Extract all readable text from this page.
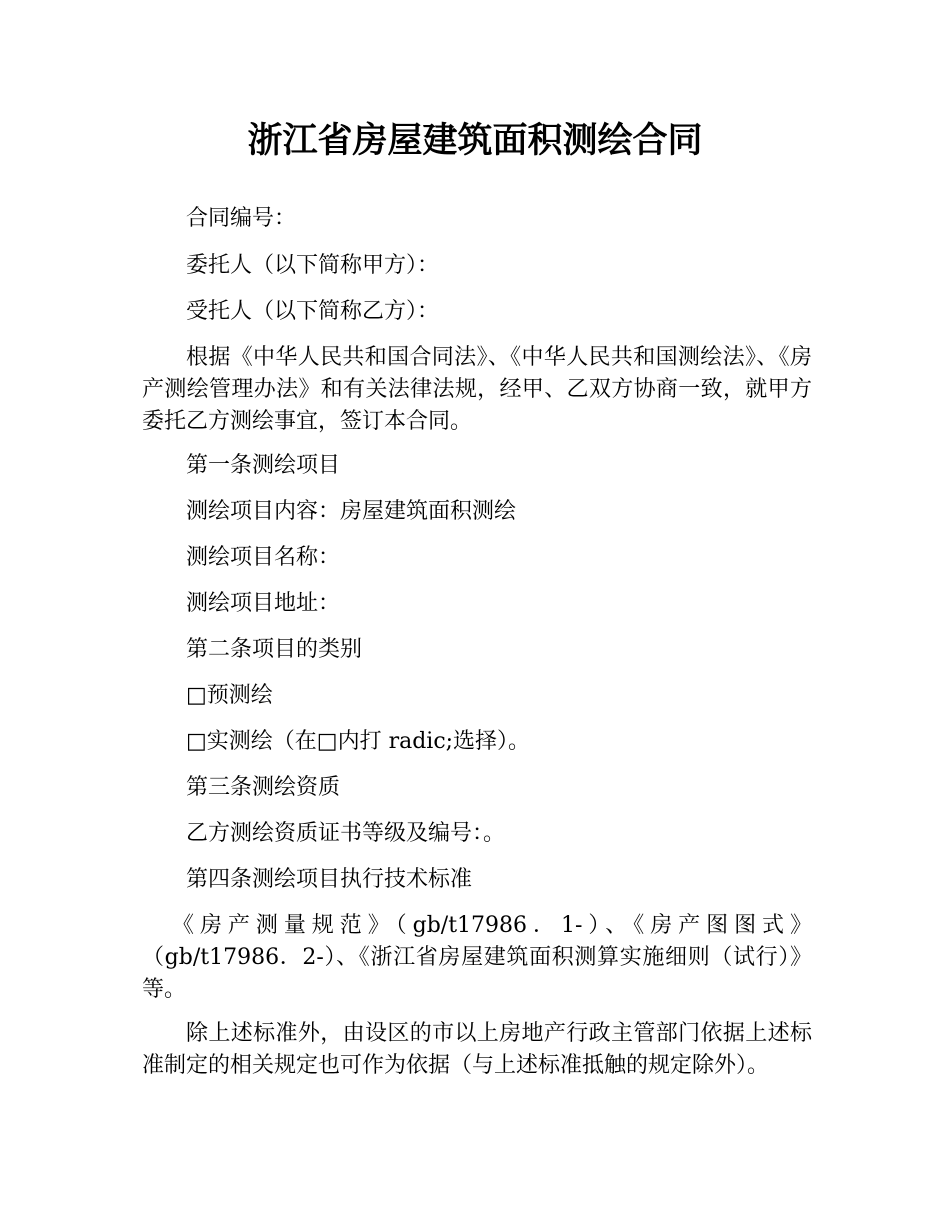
浙江省房屋建筑面积测绘合同
合同编号：
委托人（以下简称甲方）：
受托人（以下简称乙方）：
根据《中华人民共和国合同法》、《中华人民共和国测绘法》、《房产测绘管理办法》和有关法律法规，经甲、乙双方协商一致，就甲方委托乙方测绘事宜，签订本合同。
第一条测绘项目
测绘项目内容：房屋建筑面积测绘
测绘项目名称：
测绘项目地址：
第二条项目的类别
□预测绘
□实测绘（在□内打 radic;选择）。
第三条测绘资质
乙方测绘资质证书等级及编号：。
第四条测绘项目执行技术标准
《房产测量规范》（gb/t17986．1-）、《房产图图式》（gb/t17986．2-）、《浙江省房屋建筑面积测算实施细则（试行）》等。
除上述标准外，由设区的市以上房地产行政主管部门依据上述标准制定的相关规定也可作为依据（与上述标准抵触的规定除外）。
